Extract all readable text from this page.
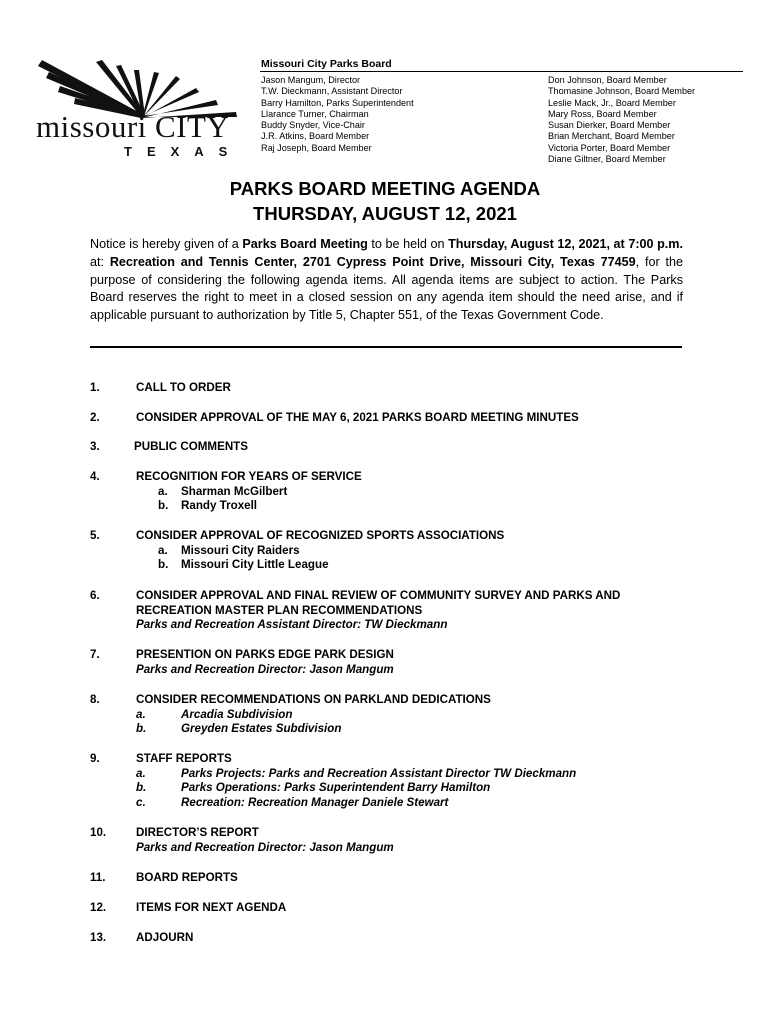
missouri CITY
TEXAS
Missouri City Parks Board
Jason Mangum, Director
T.W. Dieckmann, Assistant Director
Barry Hamilton, Parks Superintendent
Llarance Turner, Chairman
Buddy Snyder, Vice-Chair
J.R. Atkins, Board Member
Raj Joseph, Board Member
Don Johnson, Board Member
Thomasine Johnson, Board Member
Leslie Mack, Jr., Board Member
Mary Ross, Board Member
Susan Dierker, Board Member
Brian Merchant, Board Member
Victoria Porter, Board Member
Diane Giltner, Board Member
PARKS BOARD MEETING AGENDA
THURSDAY, AUGUST 12, 2021
Notice is hereby given of a Parks Board Meeting to be held on Thursday, August 12, 2021, at 7:00 p.m. at: Recreation and Tennis Center, 2701 Cypress Point Drive, Missouri City, Texas 77459, for the purpose of considering the following agenda items. All agenda items are subject to action. The Parks Board reserves the right to meet in a closed session on any agenda item should the need arise, and if applicable pursuant to authorization by Title 5, Chapter 551, of the Texas Government Code.
1.	CALL TO ORDER
2.	CONSIDER APPROVAL OF THE MAY 6, 2021 PARKS BOARD MEETING MINUTES
3.	PUBLIC COMMENTS
4.	RECOGNITION FOR YEARS OF SERVICE
a. Sharman McGilbert
b. Randy Troxell
5.	CONSIDER APPROVAL OF RECOGNIZED SPORTS ASSOCIATIONS
a. Missouri City Raiders
b. Missouri City Little League
6.	CONSIDER APPROVAL AND FINAL REVIEW OF COMMUNITY SURVEY AND PARKS AND RECREATION MASTER PLAN RECOMMENDATIONS
Parks and Recreation Assistant Director: TW Dieckmann
7.	PRESENTION ON PARKS EDGE PARK DESIGN
Parks and Recreation Director: Jason Mangum
8.	CONSIDER RECOMMENDATIONS ON PARKLAND DEDICATIONS
a.	Arcadia Subdivision
b.	Greyden Estates Subdivision
9.	STAFF REPORTS
a.	Parks Projects: Parks and Recreation Assistant Director TW Dieckmann
b.	Parks Operations: Parks Superintendent Barry Hamilton
c.	Recreation: Recreation Manager Daniele Stewart
10.	DIRECTOR’S REPORT
Parks and Recreation Director: Jason Mangum
11.	BOARD REPORTS
12.	ITEMS FOR NEXT AGENDA
13.	ADJOURN
